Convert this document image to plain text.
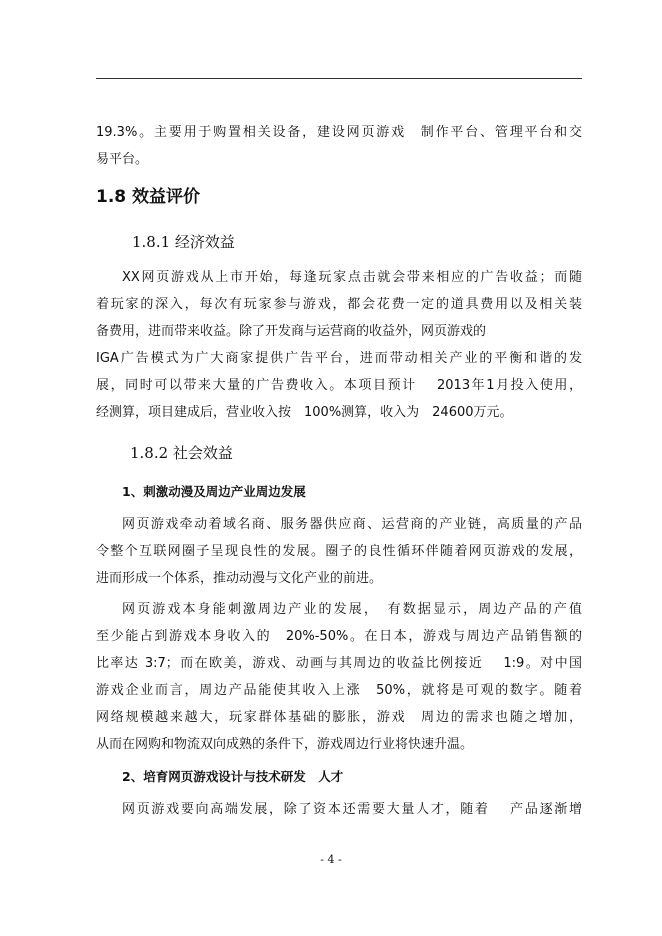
19.3%。主要用于购置相关设备，建设网页游戏　制作平台、管理平台和交
易平台。
1.8 效益评价
1.8.1 经济效益
XX网页游戏从上市开始，每逢玩家点击就会带来相应的广告收益；而随
着玩家的深入，每次有玩家参与游戏，都会花费一定的道具费用以及相关装
备费用，进而带来收益。除了开发商与运营商的收益外，网页游戏的
IGA广告模式为广大商家提供广告平台，进而带动相关产业的平衡和谐的发
展，同时可以带来大量的广告费收入。本项目预计　 2013年1月投入使用，
经测算，项目建成后，营业收入按　100%测算，收入为　24600万元。
1.8.2 社会效益
1、刺激动漫及周边产业周边发展
网页游戏牵动着域名商、服务器供应商、运营商的产业链，高质量的产品
令整个互联网圈子呈现良性的发展。圈子的良性循环伴随着网页游戏的发展，
进而形成一个体系，推动动漫与文化产业的前进。
网页游戏本身能刺激周边产业的发展，　有数据显示，周边产品的产值
至少能占到游戏本身收入的　20%-50%。在日本，游戏与周边产品销售额的
比率达 3:7；而在欧美，游戏、动画与其周边的收益比例接近　 1:9。对中国
游戏企业而言，周边产品能使其收入上涨　50%，就将是可观的数字。随着
网络规模越来越大，玩家群体基础的膨胀，游戏　周边的需求也随之增加，
从而在网购和物流双向成熟的条件下，游戏周边行业将快速升温。
2、培育网页游戏设计与技术研发　人才
网页游戏要向高端发展，除了资本还需要大量人才，随着　 产品逐渐增
- 4 -
